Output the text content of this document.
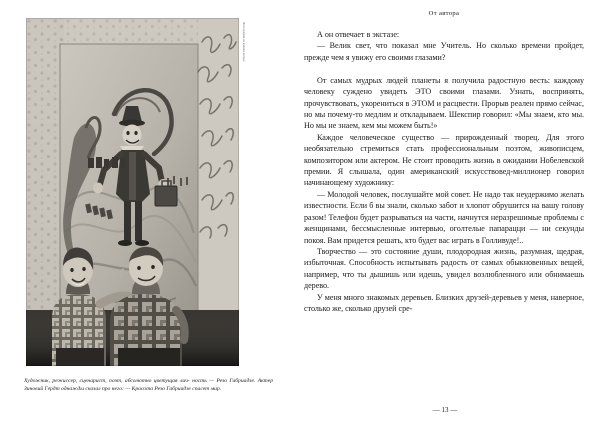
Фотография из архива автора
Художник, режиссер, сценарист, поэт, абсолютно цветущая лич- ность — Резо Габриадзе. Актер Зиновий Гердт однажды сказал про него: — Красота Резо Габриадзе спасет мир.
От автора

А он отвечает в экстазе:

— Велик свет, что показал мне Учитель. Но сколько времени пройдет, прежде чем я увижу его своими глазами?

От самых мудрых людей планеты я получила радостную весть: каждому человеку суждено увидеть ЭТО своими глазами. Узнать, воспринять, прочувствовать, укорениться в ЭТОМ и расцвести. Прорыв реален прямо сейчас, но мы почему-то медлим и откладываем. Шекспир говорил: «Мы знаем, кто мы. Но мы не знаем, кем мы можем быть!»

Каждое человеческое существо — прирожденный творец. Для этого необязательно стремиться стать профессиональным поэтом, живописцем, композитором или актером. Не стоит проводить жизнь в ожидании Нобелевской премии. Я слышала, один американский искусствовед-миллионер говорил начинающему художнику:

— Молодой человек, послушайте мой совет. Не надо так неудержимо желать известности. Если б вы знали, сколько забот и хлопот обрушится на вашу голову разом! Телефон будет разрываться на части, начнутся неразрешимые проблемы с женщинами, бессмысленные интервью, оголтелые папарацци — ни секунды покоя. Вам придется решать, кто будет вас играть в Голливуде!..

Творчество — это состояние души, плодородная жизнь, разумная, щедрая, избыточная. Способность испытывать радость от самых обыкновенных вещей, например, что ты дышишь или идешь, увидел возлюбленного или обнимаешь дерево.

У меня много знакомых деревьев. Близких друзей-деревьев у меня, наверное, столько же, сколько друзей сре-

— 13 —
